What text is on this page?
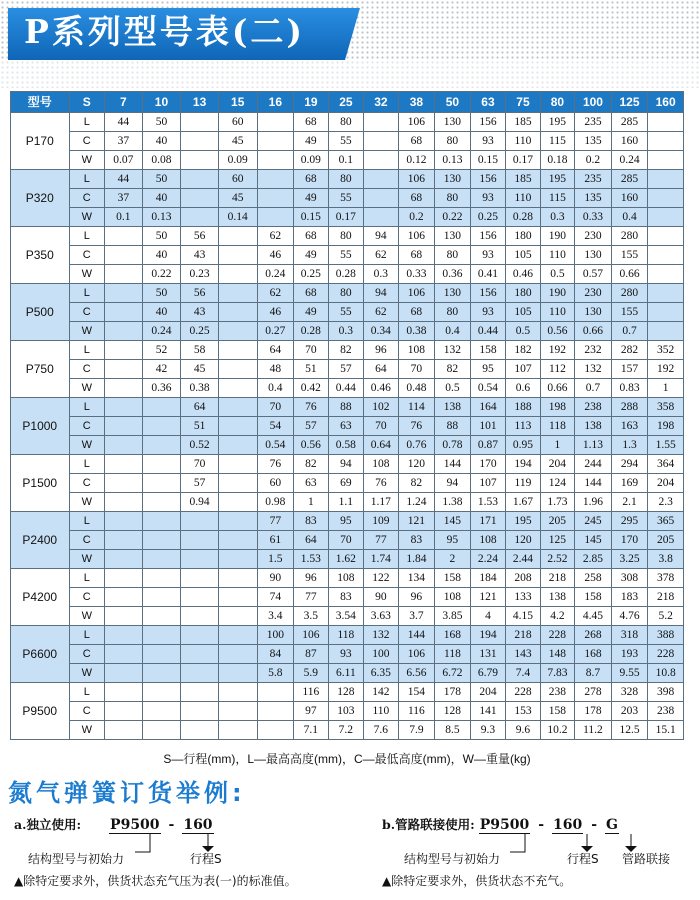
P系列型号表(二)
型号	S	7	10	13	15	16	19	25	32	38	50	63	75	80	100	125	160
P170	L	44	50		60		68	80		106	130	156	185	195	235	285	
	C	37	40		45		49	55		68	80	93	110	115	135	160	
	W	0.07	0.08		0.09		0.09	0.1		0.12	0.13	0.15	0.17	0.18	0.2	0.24	
P320	L	44	50		60		68	80		106	130	156	185	195	235	285	
	C	37	40		45		49	55		68	80	93	110	115	135	160	
	W	0.1	0.13		0.14		0.15	0.17		0.2	0.22	0.25	0.28	0.3	0.33	0.4	
P350	L		50	56		62	68	80	94	106	130	156	180	190	230	280	
	C		40	43		46	49	55	62	68	80	93	105	110	130	155	
	W		0.22	0.23		0.24	0.25	0.28	0.3	0.33	0.36	0.41	0.46	0.5	0.57	0.66	
P500	L		50	56		62	68	80	94	106	130	156	180	190	230	280	
	C		40	43		46	49	55	62	68	80	93	105	110	130	155	
	W		0.24	0.25		0.27	0.28	0.3	0.34	0.38	0.4	0.44	0.5	0.56	0.66	0.7	
P750	L		52	58		64	70	82	96	108	132	158	182	192	232	282	352
	C		42	45		48	51	57	64	70	82	95	107	112	132	157	192
	W		0.36	0.38		0.4	0.42	0.44	0.46	0.48	0.5	0.54	0.6	0.66	0.7	0.83	1
P1000	L			64		70	76	88	102	114	138	164	188	198	238	288	358
	C			51		54	57	63	70	76	88	101	113	118	138	163	198
	W			0.52		0.54	0.56	0.58	0.64	0.76	0.78	0.87	0.95	1	1.13	1.3	1.55
P1500	L			70		76	82	94	108	120	144	170	194	204	244	294	364
	C			57		60	63	69	76	82	94	107	119	124	144	169	204
	W			0.94		0.98	1	1.1	1.17	1.24	1.38	1.53	1.67	1.73	1.96	2.1	2.3
P2400	L					77	83	95	109	121	145	171	195	205	245	295	365
	C					61	64	70	77	83	95	108	120	125	145	170	205
	W					1.5	1.53	1.62	1.74	1.84	2	2.24	2.44	2.52	2.85	3.25	3.8
P4200	L					90	96	108	122	134	158	184	208	218	258	308	378
	C					74	77	83	90	96	108	121	133	138	158	183	218
	W					3.4	3.5	3.54	3.63	3.7	3.85	4	4.15	4.2	4.45	4.76	5.2
P6600	L					100	106	118	132	144	168	194	218	228	268	318	388
	C					84	87	93	100	106	118	131	143	148	168	193	228
	W					5.8	5.9	6.11	6.35	6.56	6.72	6.79	7.4	7.83	8.7	9.55	10.8
P9500	L						116	128	142	154	178	204	228	238	278	328	398
	C						97	103	110	116	128	141	153	158	178	203	238
	W						7.1	7.2	7.6	7.9	8.5	9.3	9.6	10.2	11.2	12.5	15.1
S—行程(mm)，L—最高高度(mm)，C—最低高度(mm)，W—重量(kg)
氮气弹簧订货举例:
a.独立使用: P9500 - 160
结构型号与初始力	行程S
▲除特定要求外，供货状态充气压为表(一)的标准值。
b.管路联接使用: P9500 - 160 - G
结构型号与初始力	行程S 管路联接
▲除特定要求外，供货状态不充气。
